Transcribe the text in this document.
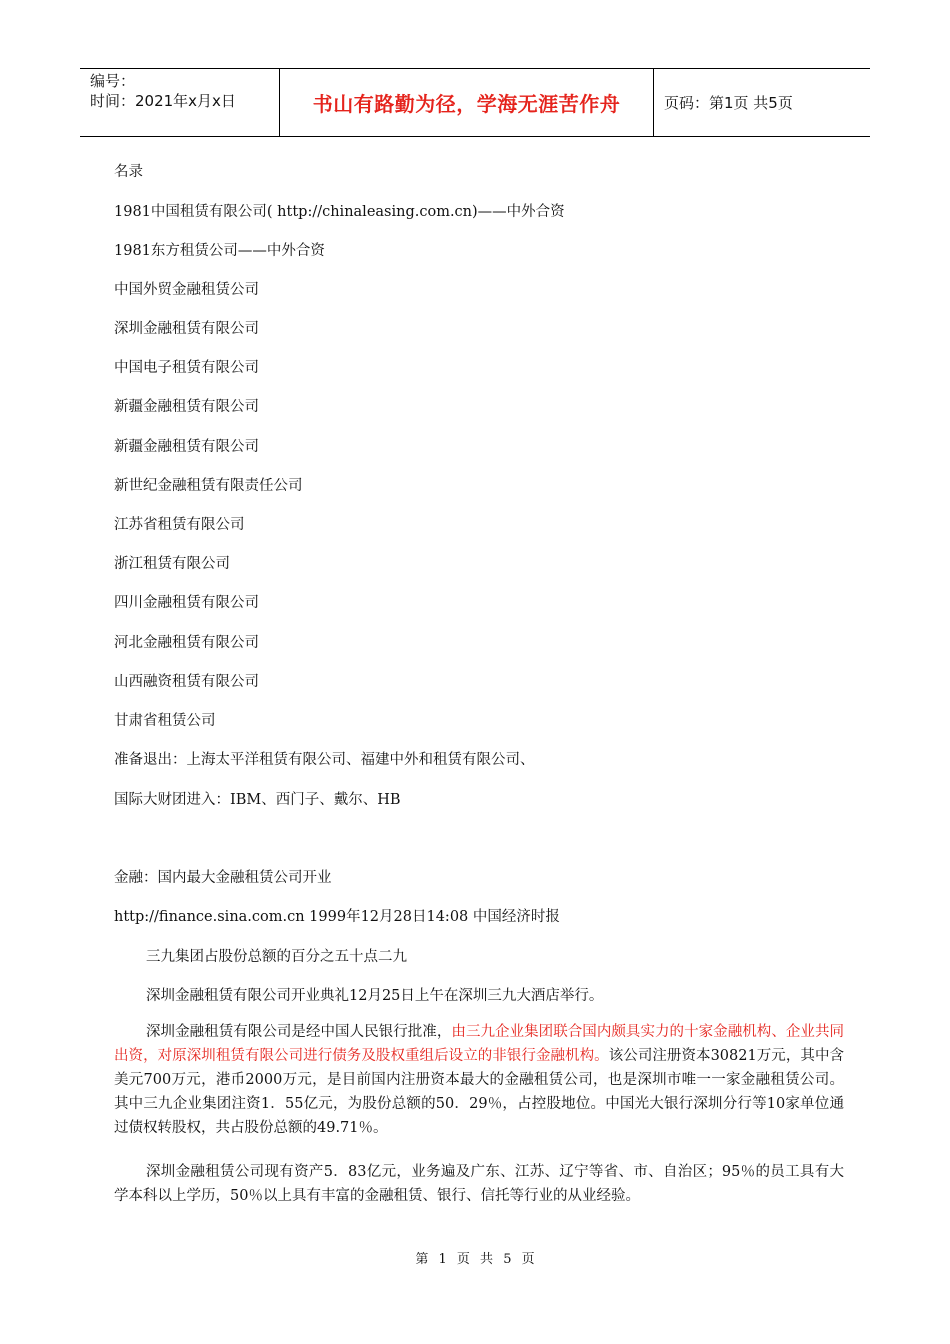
编号：
时间：2021年x月x日	书山有路勤为径，学海无涯苦作舟	页码：第1页 共5页
名录
1981中国租赁有限公司( http://chinaleasing.com.cn)——中外合资
1981东方租赁公司——中外合资
中国外贸金融租赁公司
深圳金融租赁有限公司
中国电子租赁有限公司
新疆金融租赁有限公司
新疆金融租赁有限公司
新世纪金融租赁有限责任公司
江苏省租赁有限公司
浙江租赁有限公司
四川金融租赁有限公司
河北金融租赁有限公司
山西融资租赁有限公司
甘肃省租赁公司
准备退出：上海太平洋租赁有限公司、福建中外和租赁有限公司、
国际大财团进入：IBM、西门子、戴尔、HB
金融：国内最大金融租赁公司开业
http://finance.sina.com.cn 1999年12月28日14:08 中国经济时报
三九集团占股份总额的百分之五十点二九
深圳金融租赁有限公司开业典礼12月25日上午在深圳三九大酒店举行。
深圳金融租赁有限公司是经中国人民银行批准，由三九企业集团联合国内颇具实力的十家金融机构、企业共同出资，对原深圳租赁有限公司进行债务及股权重组后设立的非银行金融机构。该公司注册资本30821万元，其中含美元700万元，港币2000万元，是目前国内注册资本最大的金融租赁公司，也是深圳市唯一一家金融租赁公司。其中三九企业集团注资1．55亿元，为股份总额的50．29％，占控股地位。中国光大银行深圳分行等10家单位通过债权转股权，共占股份总额的49.71％。
深圳金融租赁公司现有资产5．83亿元，业务遍及广东、江苏、辽宁等省、市、自治区；95％的员工具有大学本科以上学历，50％以上具有丰富的金融租赁、银行、信托等行业的从业经验。
第 1 页 共 5 页
